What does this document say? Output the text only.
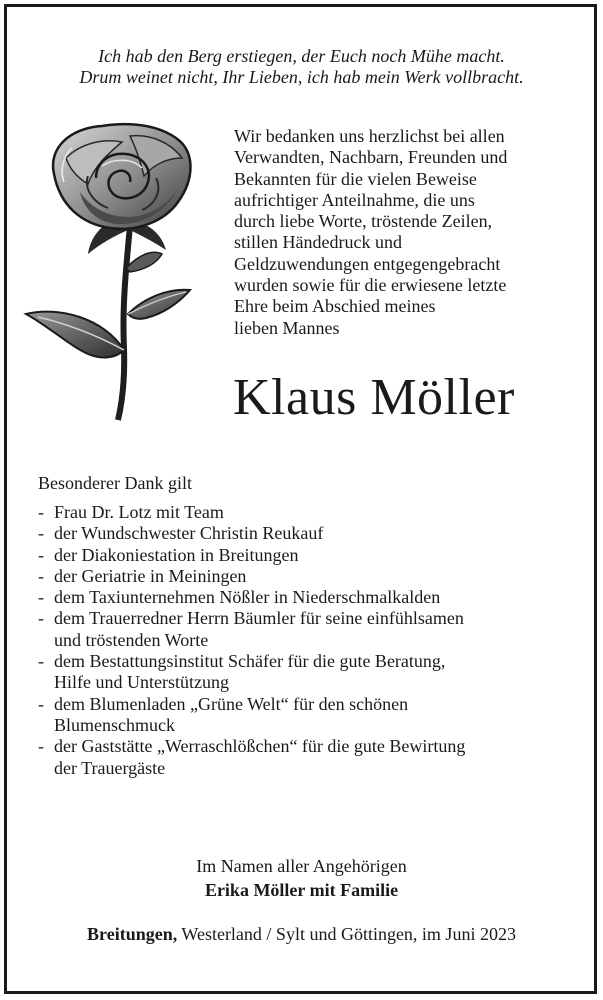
Ich hab den Berg erstiegen, der Euch noch Mühe macht.
Drum weinet nicht, Ihr Lieben, ich hab mein Werk vollbracht.
Wir bedanken uns herzlichst bei allen
Verwandten, Nachbarn, Freunden und
Bekannten für die vielen Beweise
aufrichtiger Anteilnahme, die uns
durch liebe Worte, tröstende Zeilen,
stillen Händedruck und
Geldzuwendungen entgegengebracht
wurden sowie für die erwiesene letzte
Ehre beim Abschied meines
lieben Mannes
Klaus Möller
Besonderer Dank gilt
- Frau Dr. Lotz mit Team
- der Wundschwester Christin Reukauf
- der Diakoniestation in Breitungen
- der Geriatrie in Meiningen
- dem Taxiunternehmen Nößler in Niederschmalkalden
- dem Trauerredner Herrn Bäumler für seine einfühlsamen
und tröstenden Worte
- dem Bestattungsinstitut Schäfer für die gute Beratung,
Hilfe und Unterstützung
- dem Blumenladen „Grüne Welt“ für den schönen
Blumenschmuck
- der Gaststätte „Werraschlößchen“ für die gute Bewirtung
der Trauergäste
Im Namen aller Angehörigen
Erika Möller mit Familie
Breitungen, Westerland / Sylt und Göttingen, im Juni 2023
